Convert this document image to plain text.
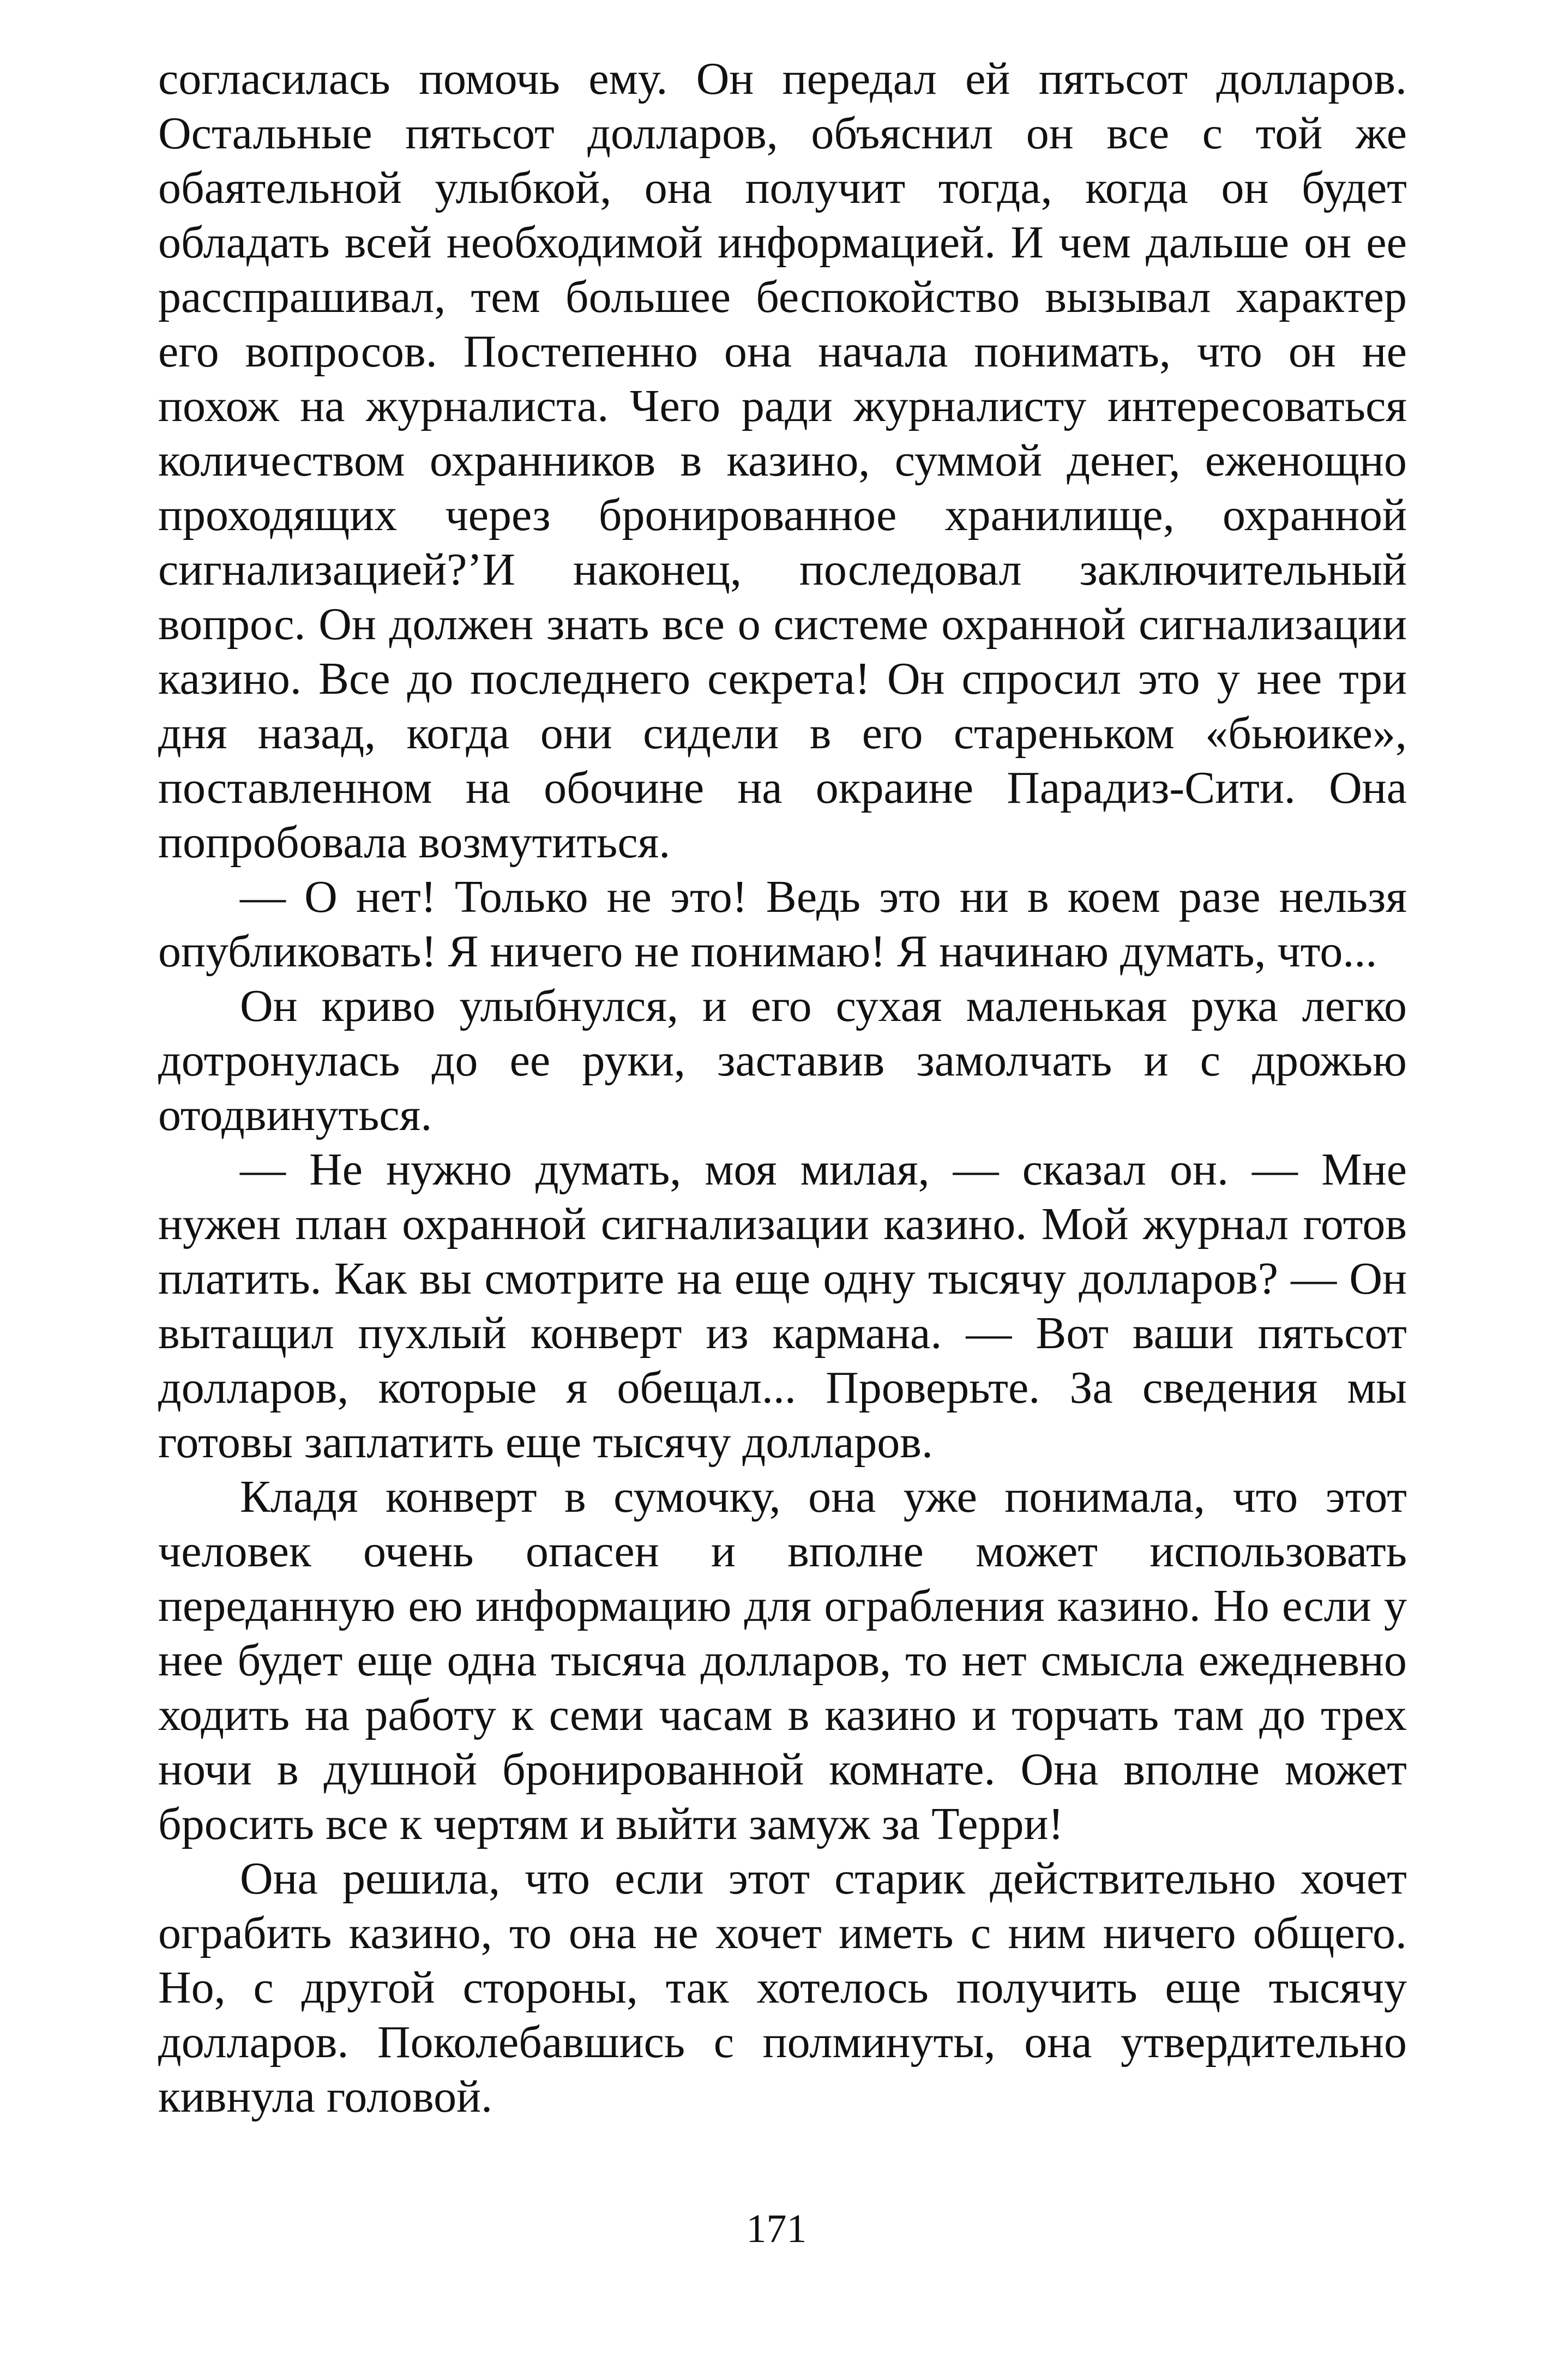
согласилась помочь ему. Он передал ей пятьсот долларов. Остальные пятьсот долларов, объяснил он все с той же обаятельной улыбкой, она получит тогда, когда он будет обладать всей необходимой информацией. И чем дальше он ее расспрашивал, тем большее беспокойство вызывал характер его вопросов. Постепенно она начала понимать, что он не похож на журналиста. Чего ради журналисту интересоваться количеством охранников в казино, суммой денег, еженощно проходящих через бронированное хранилище, охранной сигнализацией?’И наконец, последовал заключительный вопрос. Он должен знать все о системе охранной сигнализации казино. Все до последнего секрета! Он спросил это у нее три дня назад, когда они сидели в его стареньком «бьюике», поставленном на обочине на окраине Парадиз-Сити. Она попробовала возмутиться.

— О нет! Только не это! Ведь это ни в коем разе нельзя опубликовать! Я ничего не понимаю! Я начинаю думать, что...

Он криво улыбнулся, и его сухая маленькая рука легко дотронулась до ее руки, заставив замолчать и с дрожью отодвинуться.

— Не нужно думать, моя милая, — сказал он. — Мне нужен план охранной сигнализации казино. Мой журнал готов платить. Как вы смотрите на еще одну тысячу долларов? — Он вытащил пухлый конверт из кармана. — Вот ваши пятьсот долларов, которые я обещал... Проверьте. За сведения мы готовы заплатить еще тысячу долларов.

Кладя конверт в сумочку, она уже понимала, что этот человек очень опасен и вполне может использовать переданную ею информацию для ограбления казино. Но если у нее будет еще одна тысяча долларов, то нет смысла ежедневно ходить на работу к семи часам в казино и торчать там до трех ночи в душной бронированной комнате. Она вполне может бросить все к чертям и выйти замуж за Терри!

Она решила, что если этот старик действительно хочет ограбить казино, то она не хочет иметь с ним ничего общего. Но, с другой стороны, так хотелось получить еще тысячу долларов. Поколебавшись с полминуты, она утвердительно кивнула головой.

171
